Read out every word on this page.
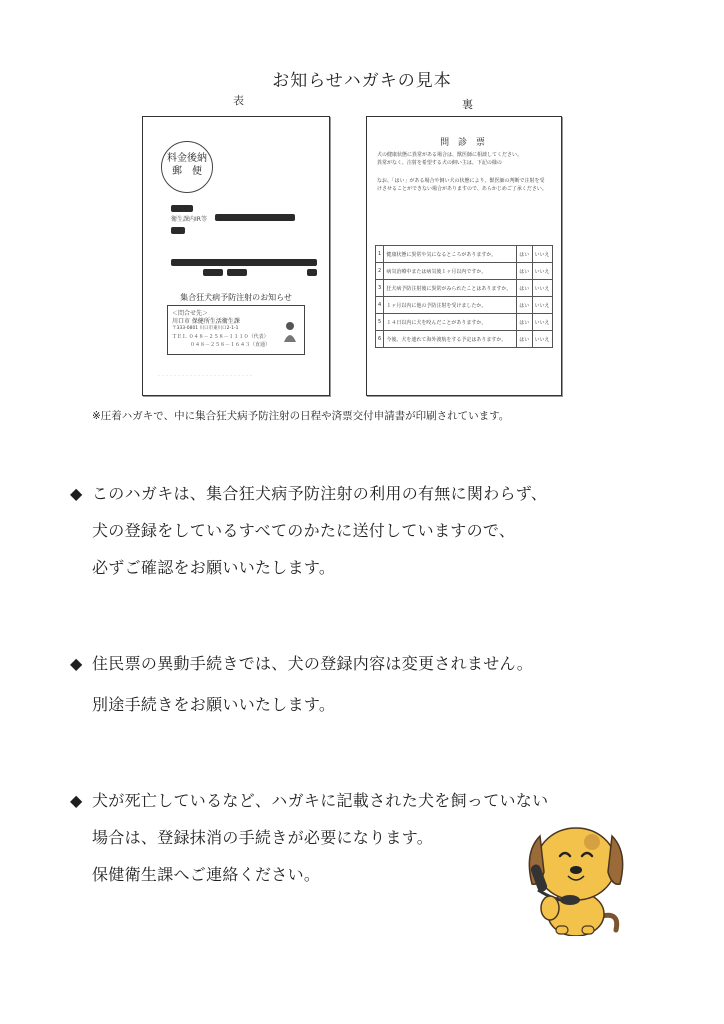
お知らせハガキの見本
表	裏
料金後納
郵　便
衛生課内IR等
集合狂犬病予防注射のお知らせ
＜問合せ先＞
川口市 保健所生活衛生課
〒333-0801 川口市東川口2-1-1
ＴＥＬ ０４８－２５８－１１１０（代表）
０４８－２５８－１６４３（直通）
・・・・・・・・・・・・・・・・・・・・・・・・
問 診 票
犬の健康状態に異常がある場合は、獣医師に相談してください。
異常がなく、注射を希望する犬の飼い主は、下記の様の
なお、「はい」がある場合や飼い犬の状態により、獣医師の判断で注射を受けさせることができない場合がありますので、あらかじめご了承ください。
1	健康状態に異常や気になるところがありますか。	はい	いいえ
2	病気治療中または病気後１ヶ月以内ですか。	はい	いいえ
3	狂犬病予防注射後に異常がみられたことはありますか。	はい	いいえ
4	１ヶ月以内に他の予防注射を受けましたか。	はい	いいえ
5	１４日以内に犬を咬んだことがありますか。	はい	いいえ
6	今後、犬を連れて海外渡航をする予定はありますか。	はい	いいえ
※圧着ハガキで、中に集合狂犬病予防注射の日程や済票交付申請書が印刷されています。
◆ このハガキは、集合狂犬病予防注射の利用の有無に関わらず、
犬の登録をしているすべてのかたに送付していますので、
必ずご確認をお願いいたします。
◆ 住民票の異動手続きでは、犬の登録内容は変更されません。
別途手続きをお願いいたします。
◆ 犬が死亡しているなど、ハガキに記載された犬を飼っていない
場合は、登録抹消の手続きが必要になります。
保健衛生課へご連絡ください。
